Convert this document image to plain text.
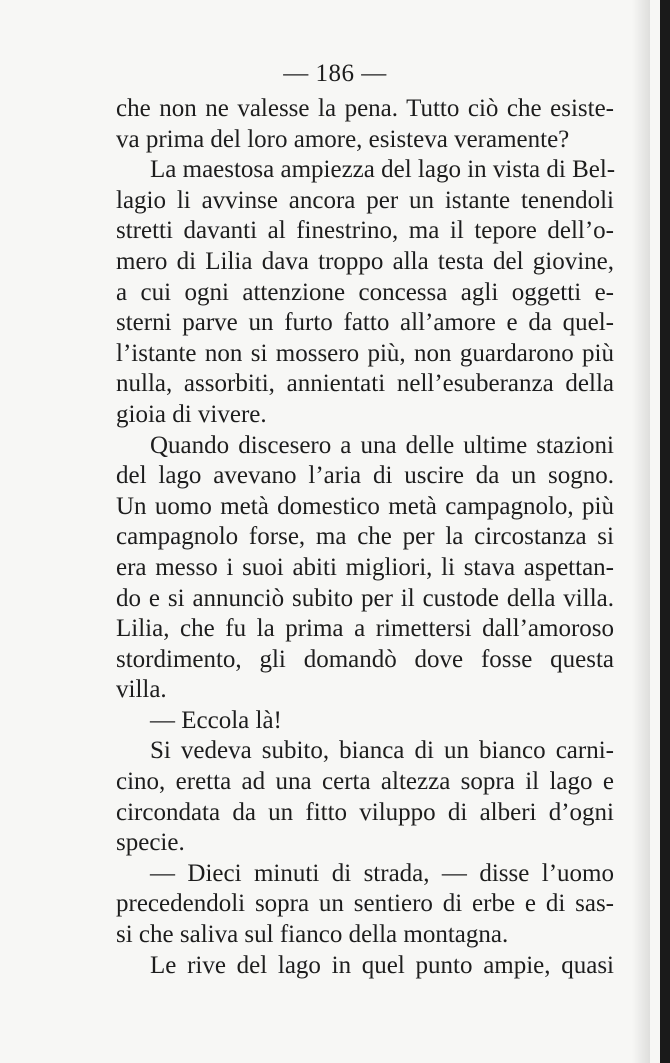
— 186 —
che non ne valesse la pena. Tutto ciò che esiste-
va prima del loro amore, esisteva veramente?
La maestosa ampiezza del lago in vista di Bel-
lagio li avvinse ancora per un istante tenendoli
stretti davanti al finestrino, ma il tepore dell’o-
mero di Lilia dava troppo alla testa del giovine,
a cui ogni attenzione concessa agli oggetti e-
sterni parve un furto fatto all’amore e da quel-
l’istante non si mossero più, non guardarono più
nulla, assorbiti, annientati nell’esuberanza della
gioia di vivere.
Quando discesero a una delle ultime stazioni
del lago avevano l’aria di uscire da un sogno.
Un uomo metà domestico metà campagnolo, più
campagnolo forse, ma che per la circostanza si
era messo i suoi abiti migliori, li stava aspettan-
do e si annunciò subito per il custode della villa.
Lilia, che fu la prima a rimettersi dall’amoroso
stordimento, gli domandò dove fosse questa
villa.
— Eccola là!
Si vedeva subito, bianca di un bianco carni-
cino, eretta ad una certa altezza sopra il lago e
circondata da un fitto viluppo di alberi d’ogni
specie.
— Dieci minuti di strada, — disse l’uomo
precedendoli sopra un sentiero di erbe e di sas-
si che saliva sul fianco della montagna.
Le rive del lago in quel punto ampie, quasi
